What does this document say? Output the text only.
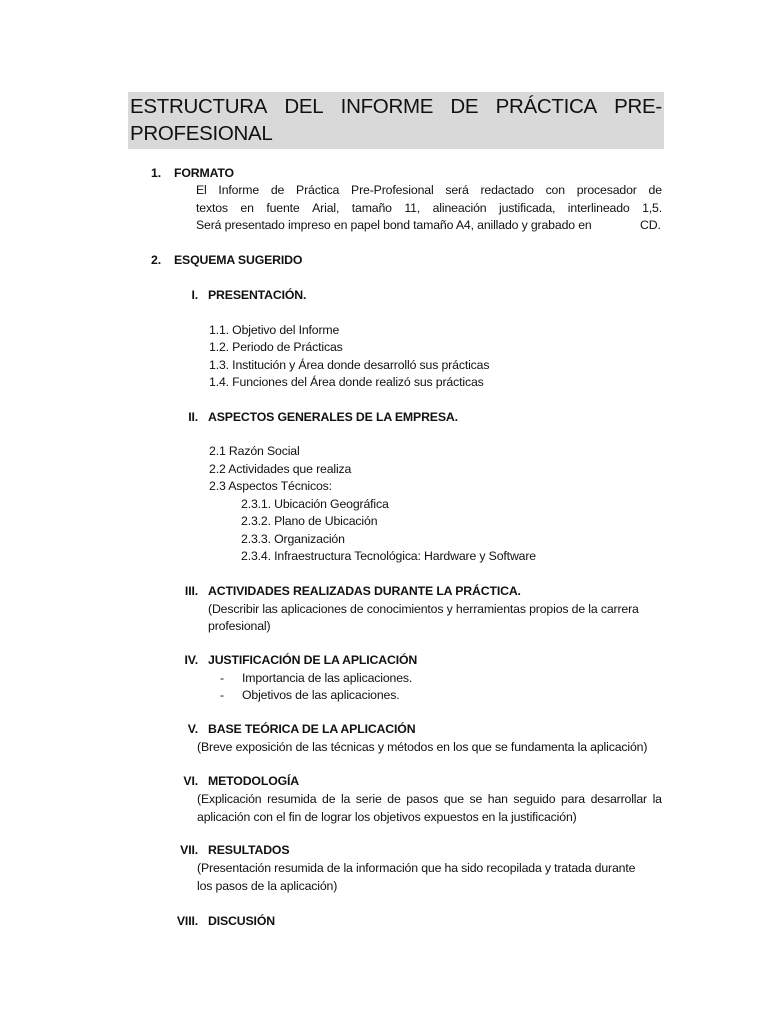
ESTRUCTURA DEL INFORME DE PRÁCTICA PRE-
PROFESIONAL
1. FORMATO
El Informe de Práctica Pre-Profesional será redactado con procesador de
textos en fuente Arial, tamaño 11, alineación justificada, interlineado 1,5.
Será presentado impreso en papel bond tamaño A4, anillado y grabado en	CD.
2. ESQUEMA SUGERIDO
I. PRESENTACIÓN.
1.1. Objetivo del Informe
1.2. Periodo de Prácticas
1.3. Institución y Área donde desarrolló sus prácticas
1.4. Funciones del Área donde realizó sus prácticas
II. ASPECTOS GENERALES DE LA EMPRESA.
2.1 Razón Social
2.2 Actividades que realiza
2.3 Aspectos Técnicos:
2.3.1. Ubicación Geográfica
2.3.2. Plano de Ubicación
2.3.3. Organización
2.3.4. Infraestructura Tecnológica: Hardware y Software
III. ACTIVIDADES REALIZADAS DURANTE LA PRÁCTICA.
(Describir las aplicaciones de conocimientos y herramientas propios de la carrera
profesional)
IV. JUSTIFICACIÓN DE LA APLICACIÓN
- Importancia de las aplicaciones.
- Objetivos de las aplicaciones.
V. BASE TEÓRICA DE LA APLICACIÓN
(Breve exposición de las técnicas y métodos en los que se fundamenta la aplicación)
VI. METODOLOGÍA
(Explicación resumida de la serie de pasos que se han seguido para desarrollar la
aplicación con el fin de lograr los objetivos expuestos en la justificación)
VII. RESULTADOS
(Presentación resumida de la información que ha sido recopilada y tratada durante
los pasos de la aplicación)
VIII. DISCUSIÓN
